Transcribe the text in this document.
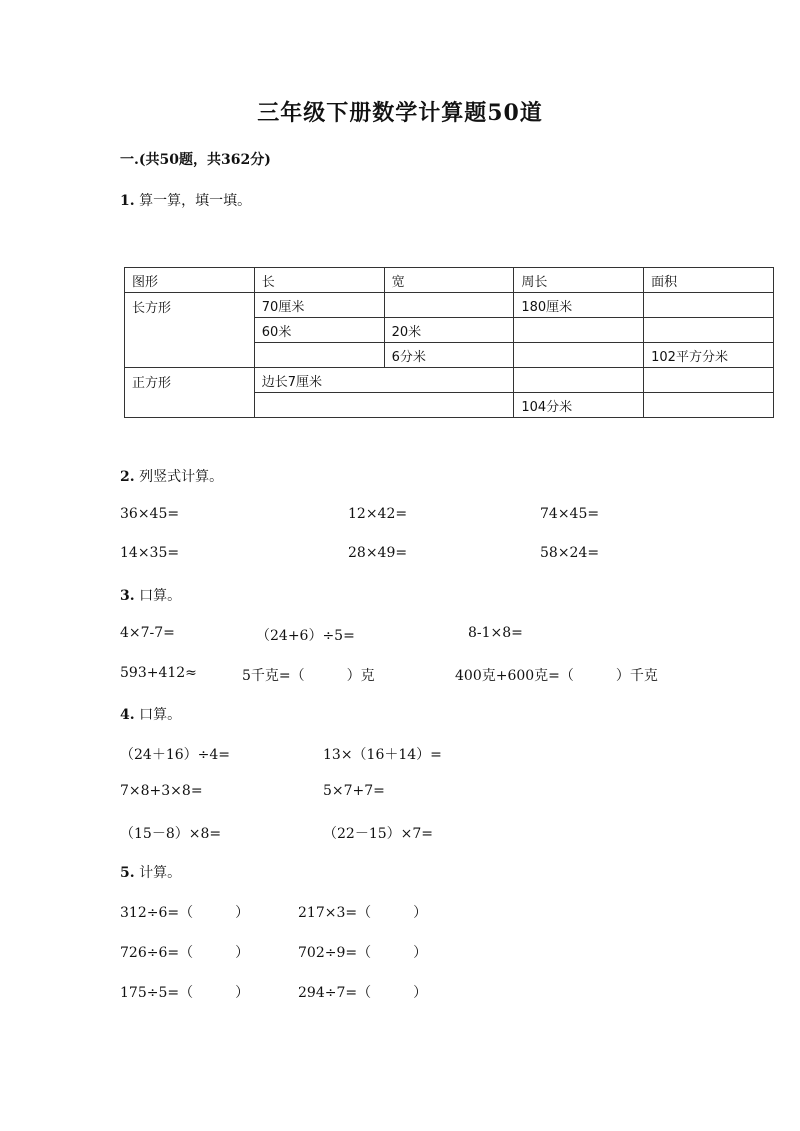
三年级下册数学计算题50道
一.(共50题，共362分)
1. 算一算，填一填。
图形	长	宽	周长	面积
长方形	70厘米		180厘米	
	60米	20米		
		6分米		102平方分米
正方形	边长7厘米			
			104分米	
2. 列竖式计算。
36×45=	12×42=	74×45=
14×35=	28×49=	58×24=
3. 口算。
4×7-7=	（24+6）÷5=	8-1×8=
593+412≈	5千克=（　　　）克	400克+600克=（　　　）千克
4. 口算。
（24＋16）÷4=	13×（16＋14）=
7×8+3×8=	5×7+7=
（15－8）×8=	（22－15）×7=
5. 计算。
312÷6=（　　　）	217×3=（　　　）
726÷6=（　　　）	702÷9=（　　　）
175÷5=（　　　）	294÷7=（　　　）
